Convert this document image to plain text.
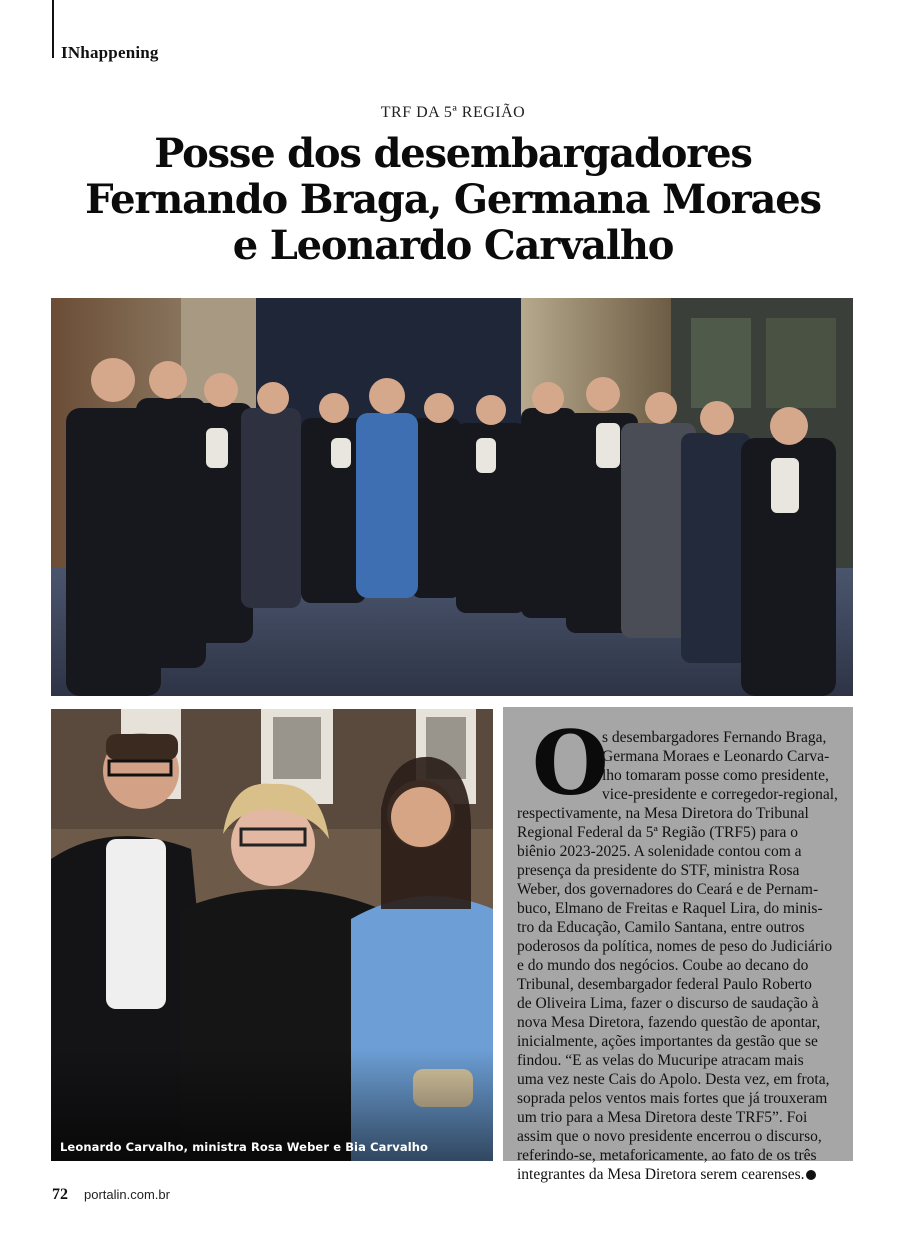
INhappening
TRF DA 5ª REGIÃO
Posse dos desembargadores
Fernando Braga, Germana Moraes
e Leonardo Carvalho
Leonardo Carvalho, ministra Rosa Weber e Bia Carvalho
O
s desembargadores Fernando Braga,
Germana Moraes e Leonardo Carva-
lho tomaram posse como presidente,
vice-presidente e corregedor-regional,
respectivamente, na Mesa Diretora do Tribunal
Regional Federal da 5ª Região (TRF5) para o
biênio 2023-2025. A solenidade contou com a
presença da presidente do STF, ministra Rosa
Weber, dos governadores do Ceará e de Pernam-
buco, Elmano de Freitas e Raquel Lira, do minis-
tro da Educação, Camilo Santana, entre outros
poderosos da política, nomes de peso do Judiciário
e do mundo dos negócios. Coube ao decano do
Tribunal, desembargador federal Paulo Roberto
de Oliveira Lima, fazer o discurso de saudação à
nova Mesa Diretora, fazendo questão de apontar,
inicialmente, ações importantes da gestão que se
findou. “E as velas do Mucuripe atracam mais
uma vez neste Cais do Apolo. Desta vez, em frota,
soprada pelos ventos mais fortes que já trouxeram
um trio para a Mesa Diretora deste TRF5”. Foi
assim que o novo presidente encerrou o discurso,
referindo-se, metaforicamente, ao fato de os três
integrantes da Mesa Diretora serem cearenses.
72 portalin.com.br
